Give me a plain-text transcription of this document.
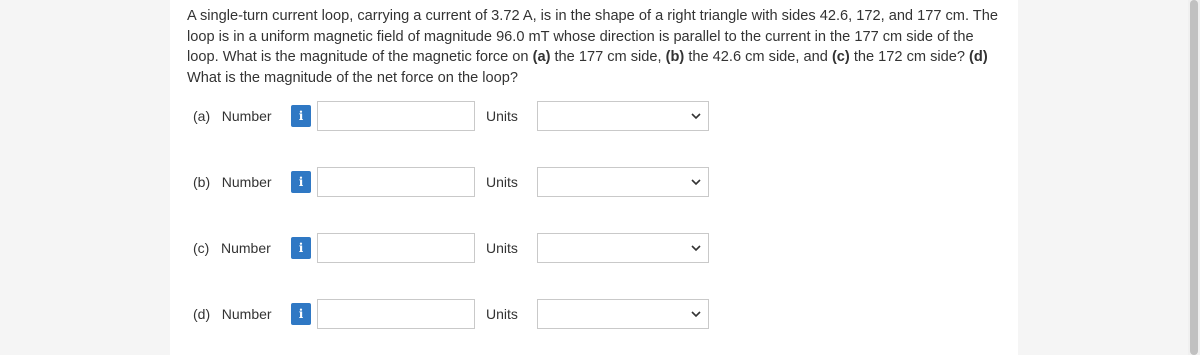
A single-turn current loop, carrying a current of 3.72 A, is in the shape of a right triangle with sides 42.6, 172, and 177 cm. The loop is in a uniform magnetic field of magnitude 96.0 mT whose direction is parallel to the current in the 177 cm side of the loop. What is the magnitude of the magnetic force on (a) the 177 cm side, (b) the 42.6 cm side, and (c) the 172 cm side? (d) What is the magnitude of the net force on the loop?
(a)   Number	i	Units
(b)   Number	i	Units
(c)   Number	i	Units
(d)   Number	i	Units
